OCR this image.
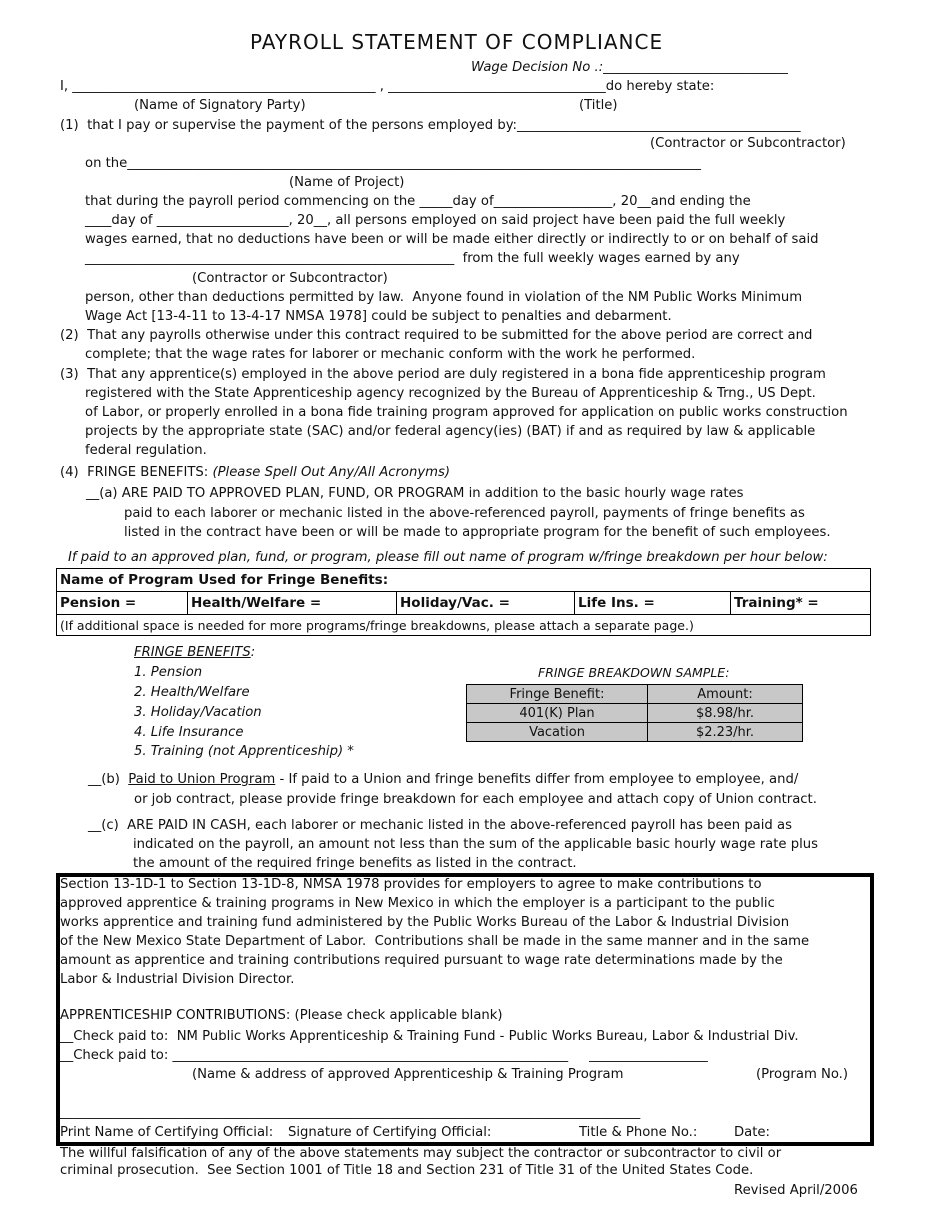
PAYROLL STATEMENT OF COMPLIANCE
Wage Decision No .:____________________________
I, ______________________________________________ , _________________________________do hereby state:
(Name of Signatory Party)	(Title)
(1)  that I pay or supervise the payment of the persons employed by:___________________________________________
(Contractor or Subcontractor)
on the_______________________________________________________________________________________
(Name of Project)
that during the payroll period commencing on the _____day of__________________, 20__and ending the
____day of ____________________, 20__, all persons employed on said project have been paid the full weekly
wages earned, that no deductions have been or will be made either directly or indirectly to or on behalf of said
________________________________________________________  from the full weekly wages earned by any
(Contractor or Subcontractor)
person, other than deductions permitted by law.  Anyone found in violation of the NM Public Works Minimum
Wage Act [13-4-11 to 13-4-17 NMSA 1978] could be subject to penalties and debarment.
(2)  That any payrolls otherwise under this contract required to be submitted for the above period are correct and
complete; that the wage rates for laborer or mechanic conform with the work he performed.
(3)  That any apprentice(s) employed in the above period are duly registered in a bona fide apprenticeship program
registered with the State Apprenticeship agency recognized by the Bureau of Apprenticeship & Trng., US Dept.
of Labor, or properly enrolled in a bona fide training program approved for application on public works construction
projects by the appropriate state (SAC) and/or federal agency(ies) (BAT) if and as required by law & applicable
federal regulation.
(4)  FRINGE BENEFITS: (Please Spell Out Any/All Acronyms)
__(a) ARE PAID TO APPROVED PLAN, FUND, OR PROGRAM in addition to the basic hourly wage rates
paid to each laborer or mechanic listed in the above-referenced payroll, payments of fringe benefits as
listed in the contract have been or will be made to appropriate program for the benefit of such employees.
If paid to an approved plan, fund, or program, please fill out name of program w/fringe breakdown per hour below:
Name of Program Used for Fringe Benefits:
Pension =	Health/Welfare =	Holiday/Vac. =	Life Ins. =	Training* =
(If additional space is needed for more programs/fringe breakdowns, please attach a separate page.)
FRINGE BENEFITS:
1. Pension
2. Health/Welfare
3. Holiday/Vacation
4. Life Insurance
5. Training (not Apprenticeship) *
FRINGE BREAKDOWN SAMPLE:
Fringe Benefit:	Amount:
401(K) Plan	$8.98/hr.
Vacation	$2.23/hr.
__(b) Paid to Union Program - If paid to a Union and fringe benefits differ from employee to employee, and/
or job contract, please provide fringe breakdown for each employee and attach copy of Union contract.
__(c)  ARE PAID IN CASH, each laborer or mechanic listed in the above-referenced payroll has been paid as
indicated on the payroll, an amount not less than the sum of the applicable basic hourly wage rate plus
the amount of the required fringe benefits as listed in the contract.
Section 13-1D-1 to Section 13-1D-8, NMSA 1978 provides for employers to agree to make contributions to
approved apprentice & training programs in New Mexico in which the employer is a participant to the public
works apprentice and training fund administered by the Public Works Bureau of the Labor & Industrial Division
of the New Mexico State Department of Labor.  Contributions shall be made in the same manner and in the same
amount as apprentice and training contributions required pursuant to wage rate determinations made by the
Labor & Industrial Division Director.
APPRENTICESHIP CONTRIBUTIONS: (Please check applicable blank)
__Check paid to:  NM Public Works Apprenticeship & Training Fund - Public Works Bureau, Labor & Industrial Div.
__Check paid to: ____________________________________________________________     __________________
(Name & address of approved Apprenticeship & Training Program	(Program No.)
________________________________________________________________________________________
Print Name of Certifying Official: Signature of Certifying Official:	Title & Phone No.:	Date:
The willful falsification of any of the above statements may subject the contractor or subcontractor to civil or
criminal prosecution.  See Section 1001 of Title 18 and Section 231 of Title 31 of the United States Code.
Revised April/2006
